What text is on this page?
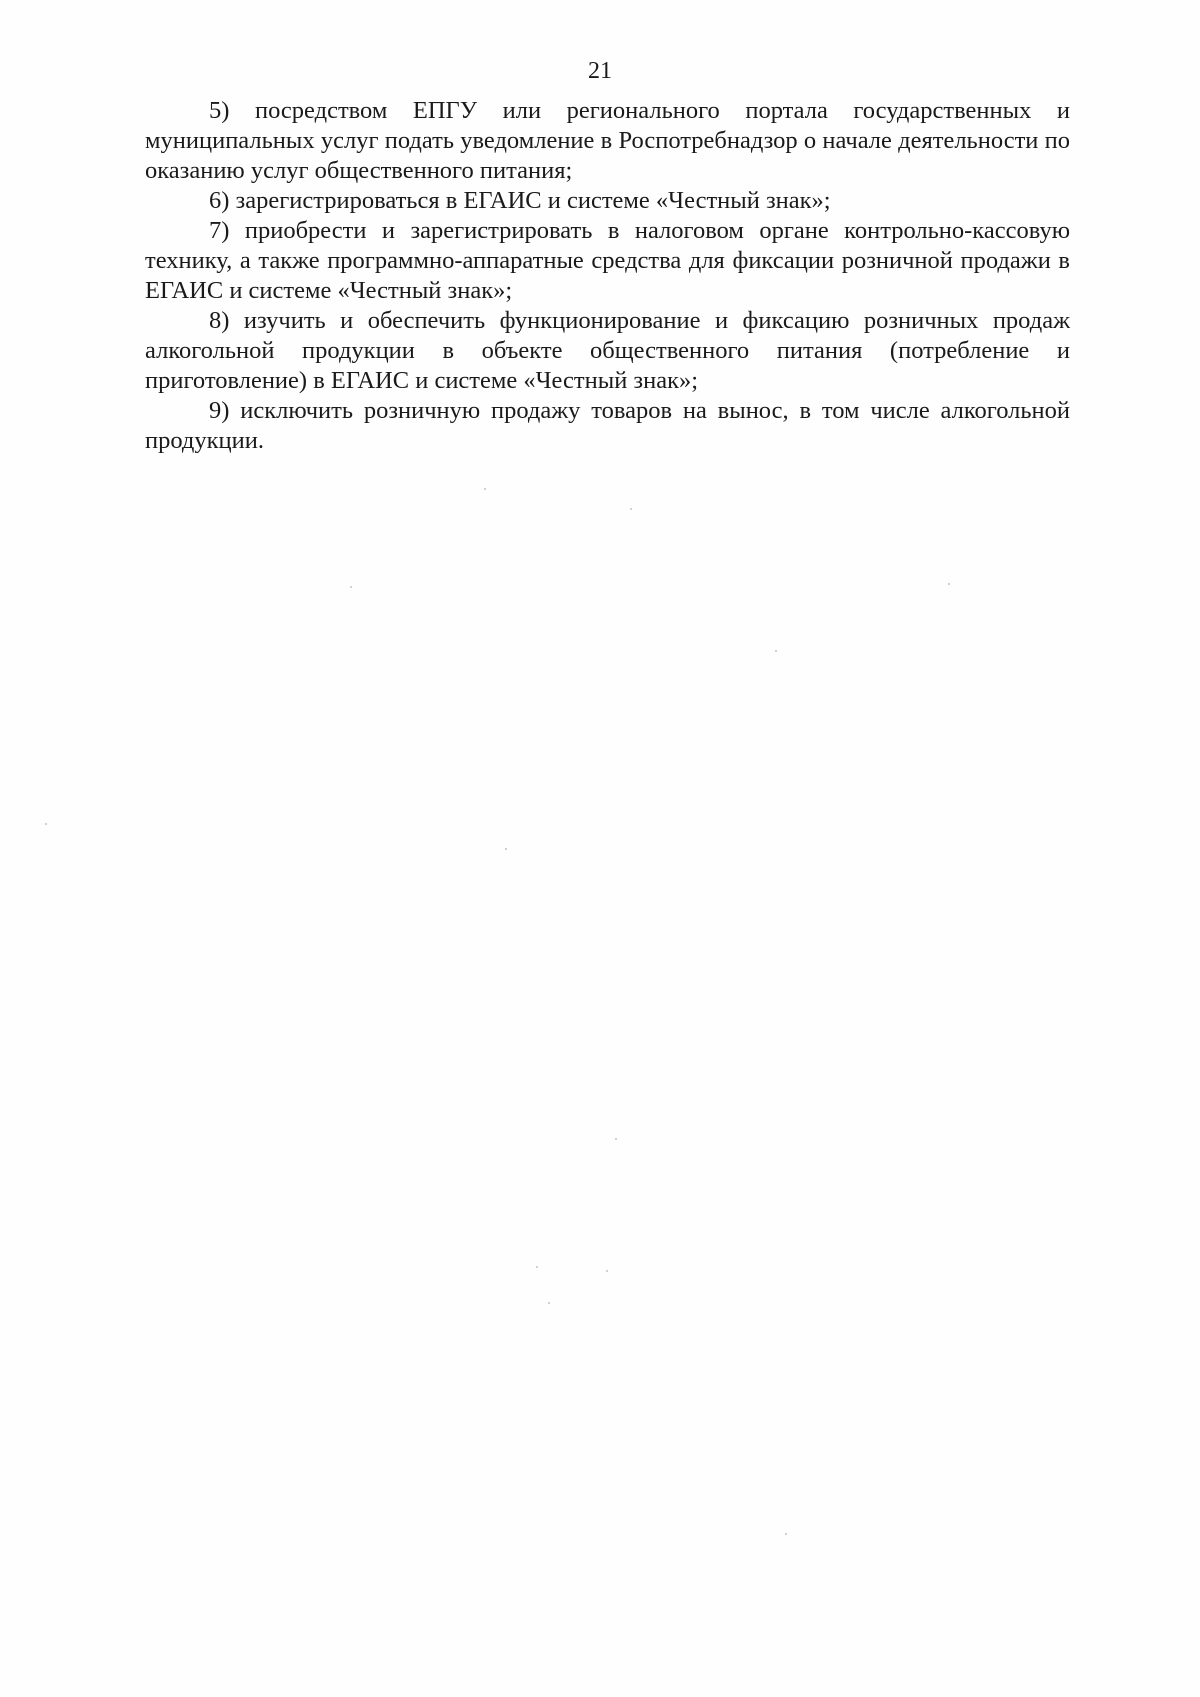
21

5) посредством ЕПГУ или регионального портала государственных и муниципальных услуг подать уведомление в Роспотребнадзор о начале деятельности по оказанию услуг общественного питания;

6) зарегистрироваться в ЕГАИС и системе «Честный знак»;

7) приобрести и зарегистрировать в налоговом органе контрольно-кассовую технику, а также программно-аппаратные средства для фиксации розничной продажи в ЕГАИС и системе «Честный знак»;

8) изучить и обеспечить функционирование и фиксацию розничных продаж алкогольной продукции в объекте общественного питания (потребление и приготовление) в ЕГАИС и системе «Честный знак»;

9) исключить розничную продажу товаров на вынос, в том числе алкогольной продукции.
